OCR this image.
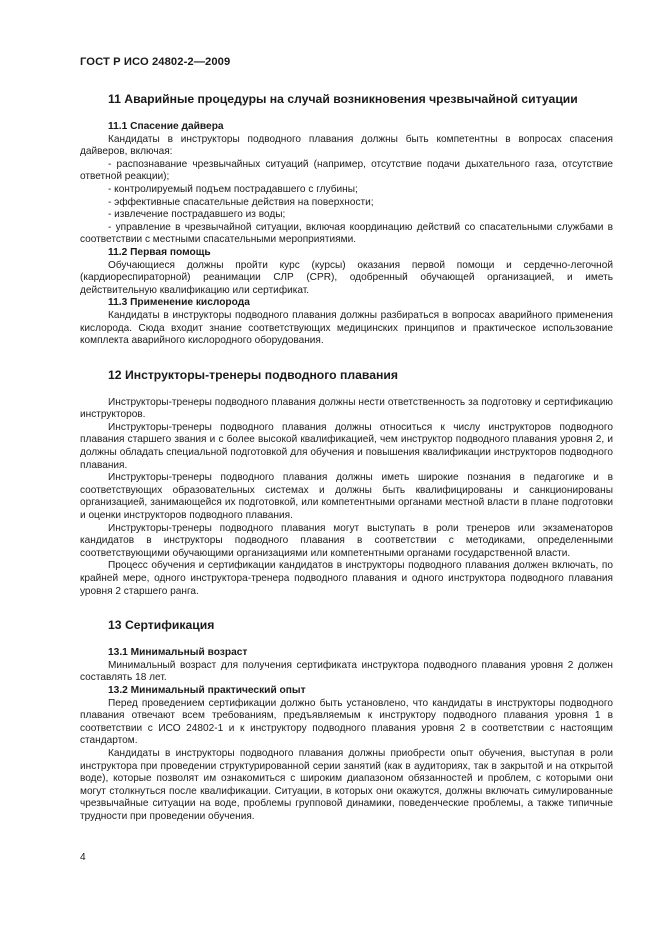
ГОСТ Р ИСО 24802-2—2009
11 Аварийные процедуры на случай возникновения чрезвычайной ситуации
11.1 Спасение дайвера

Кандидаты в инструкторы подводного плавания должны быть компетентны в вопросах спасения дайверов, включая:

- распознавание чрезвычайных ситуаций (например, отсутствие подачи дыхательного газа, отсутствие ответной реакции);

- контролируемый подъем пострадавшего с глубины;

- эффективные спасательные действия на поверхности;

- извлечение пострадавшего из воды;

- управление в чрезвычайной ситуации, включая координацию действий со спасательными службами в соответствии с местными спасательными мероприятиями.

11.2 Первая помощь

Обучающиеся должны пройти курс (курсы) оказания первой помощи и сердечно-легочной (кардиореспираторной) реанимации СЛР (CPR), одобренный обучающей организацией, и иметь действительную квалификацию или сертификат.

11.3 Применение кислорода

Кандидаты в инструкторы подводного плавания должны разбираться в вопросах аварийного применения кислорода. Сюда входит знание соответствующих медицинских принципов и практическое использование комплекта аварийного кислородного оборудования.

12 Инструкторы-тренеры подводного плавания

Инструкторы-тренеры подводного плавания должны нести ответственность за подготовку и сертификацию инструкторов.

Инструкторы-тренеры подводного плавания должны относиться к числу инструкторов подводного плавания старшего звания и с более высокой квалификацией, чем инструктор подводного плавания уровня 2, и должны обладать специальной подготовкой для обучения и повышения квалификации инструкторов подводного плавания.

Инструкторы-тренеры подводного плавания должны иметь широкие познания в педагогике и в соответствующих образовательных системах и должны быть квалифицированы и санкционированы организацией, занимающейся их подготовкой, или компетентными органами местной власти в плане подготовки и оценки инструкторов подводного плавания.

Инструкторы-тренеры подводного плавания могут выступать в роли тренеров или экзаменаторов кандидатов в инструкторы подводного плавания в соответствии с методиками, определенными соответствующими обучающими организациями или компетентными органами государственной власти.

Процесс обучения и сертификации кандидатов в инструкторы подводного плавания должен включать, по крайней мере, одного инструктора-тренера подводного плавания и одного инструктора подводного плавания уровня 2 старшего ранга.

13 Сертификация
13.1 Минимальный возраст

Минимальный возраст для получения сертификата инструктора подводного плавания уровня 2 должен составлять 18 лет.

13.2 Минимальный практический опыт

Перед проведением сертификации должно быть установлено, что кандидаты в инструкторы подводного плавания отвечают всем требованиям, предъявляемым к инструктору подводного плавания уровня 1 в соответствии с ИСО 24802-1 и к инструктору подводного плавания уровня 2 в соответствии с настоящим стандартом.

Кандидаты в инструкторы подводного плавания должны приобрести опыт обучения, выступая в роли инструктора при проведении структурированной серии занятий (как в аудиториях, так в закрытой и на открытой воде), которые позволят им ознакомиться с широким диапазоном обязанностей и проблем, с которыми они могут столкнуться после квалификации. Ситуации, в которых они окажутся, должны включать симулированные чрезвычайные ситуации на воде, проблемы групповой динамики, поведенческие проблемы, а также типичные трудности при проведении обучения.

4
